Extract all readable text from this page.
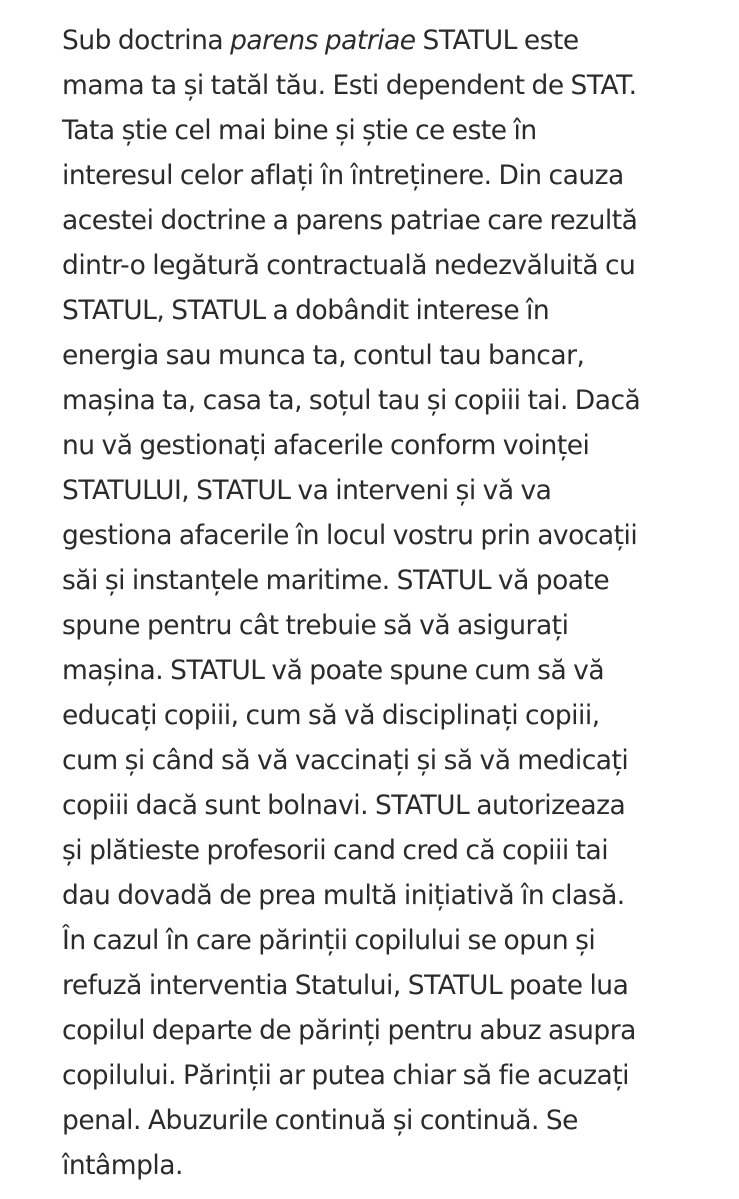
Sub doctrina parens patriae STATUL este
mama ta și tatăl tău. Esti dependent de STAT.
Tata știe cel mai bine și știe ce este în
interesul celor aflați în întreținere. Din cauza
acestei doctrine a parens patriae care rezultă
dintr-o legătură contractuală nedezvăluită cu
STATUL, STATUL a dobândit interese în
energia sau munca ta, contul tau bancar,
mașina ta, casa ta, soțul tau și copiii tai. Dacă
nu vă gestionați afacerile conform voinței
STATULUI, STATUL va interveni și vă va
gestiona afacerile în locul vostru prin avocații
săi și instanțele maritime. STATUL vă poate
spune pentru cât trebuie să vă asigurați
mașina. STATUL vă poate spune cum să vă
educați copiii, cum să vă disciplinați copiii,
cum și când să vă vaccinați și să vă medicați
copiii dacă sunt bolnavi. STATUL autorizeaza
și plătieste profesorii cand cred că copiii tai
dau dovadă de prea multă inițiativă în clasă.
În cazul în care părinții copilului se opun și
refuză interventia Statului, STATUL poate lua
copilul departe de părinți pentru abuz asupra
copilului. Părinții ar putea chiar să fie acuzați
penal. Abuzurile continuă și continuă. Se
întâmpla.
